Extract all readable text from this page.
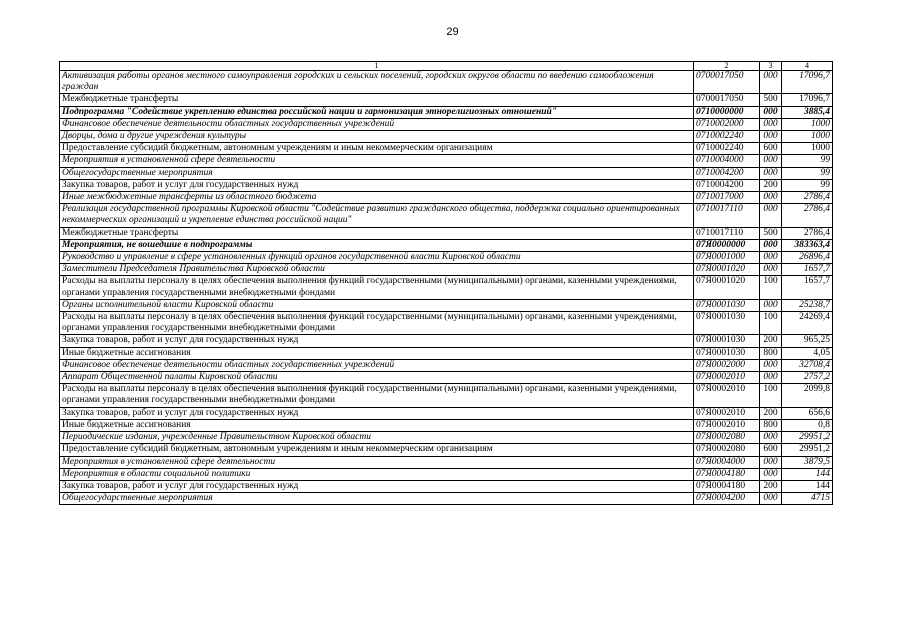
29
1	2	3	4
Активизация работы органов местного самоуправления городских и сельских поселений, городских округов области по введению самообложения граждан	0700017050	000	17096,7
Межбюджетные трансферты	0700017050	500	17096,7
Подпрограмма "Содействие укреплению единства российской нации и гармонизация этнорелигиозных отношений"	0710000000	000	3885,4
Финансовое обеспечение деятельности областных государственных учреждений	0710002000	000	1000
Дворцы, дома и другие учреждения культуры	0710002240	000	1000
Предоставление субсидий бюджетным, автономным учреждениям и иным некоммерческим организациям	0710002240	600	1000
Мероприятия в установленной сфере деятельности	0710004000	000	99
Общегосударственные мероприятия	0710004200	000	99
Закупка товаров, работ и услуг для государственных нужд	0710004200	200	99
Иные межбюджетные трансферты из областного бюджета	0710017000	000	2786,4
Реализация государственной программы Кировской области "Содействие развитию гражданского общества, поддержка социально ориентированных некоммерческих организаций и укрепление единства российской нации"	0710017110	000	2786,4
Межбюджетные трансферты	0710017110	500	2786,4
Мероприятия, не вошедшие в подпрограммы	07Я0000000	000	383363,4
Руководство и управление в сфере установленных функций органов государственной власти Кировской области	07Я0001000	000	26896,4
Заместители Председателя Правительства Кировской области	07Я0001020	000	1657,7
Расходы на выплаты персоналу в целях обеспечения выполнения функций государственными (муниципальными) органами, казенными учреждениями, органами управления государственными внебюджетными фондами	07Я0001020	100	1657,7
Органы исполнительной власти Кировской области	07Я0001030	000	25238,7
Расходы на выплаты персоналу в целях обеспечения выполнения функций государственными (муниципальными) органами, казенными учреждениями, органами управления государственными внебюджетными фондами	07Я0001030	100	24269,4
Закупка товаров, работ и услуг для государственных нужд	07Я0001030	200	965,25
Иные бюджетные ассигнования	07Я0001030	800	4,05
Финансовое обеспечение деятельности областных государственных учреждений	07Я0002000	000	32708,4
Аппарат Общественной палаты Кировской области	07Я0002010	000	2757,2
Расходы на выплаты персоналу в целях обеспечения выполнения функций государственными (муниципальными) органами, казенными учреждениями, органами управления государственными внебюджетными фондами	07Я0002010	100	2099,8
Закупка товаров, работ и услуг для государственных нужд	07Я0002010	200	656,6
Иные бюджетные ассигнования	07Я0002010	800	0,8
Периодические издания, учрежденные Правительством Кировской области	07Я0002080	000	29951,2
Предоставление субсидий бюджетным, автономным учреждениям и иным некоммерческим организациям	07Я0002080	600	29951,2
Мероприятия в установленной сфере деятельности	07Я0004000	000	3879,5
Мероприятия в области социальной политики	07Я0004180	000	144
Закупка товаров, работ и услуг для государственных нужд	07Я0004180	200	144
Общегосударственные мероприятия	07Я0004200	000	4715
